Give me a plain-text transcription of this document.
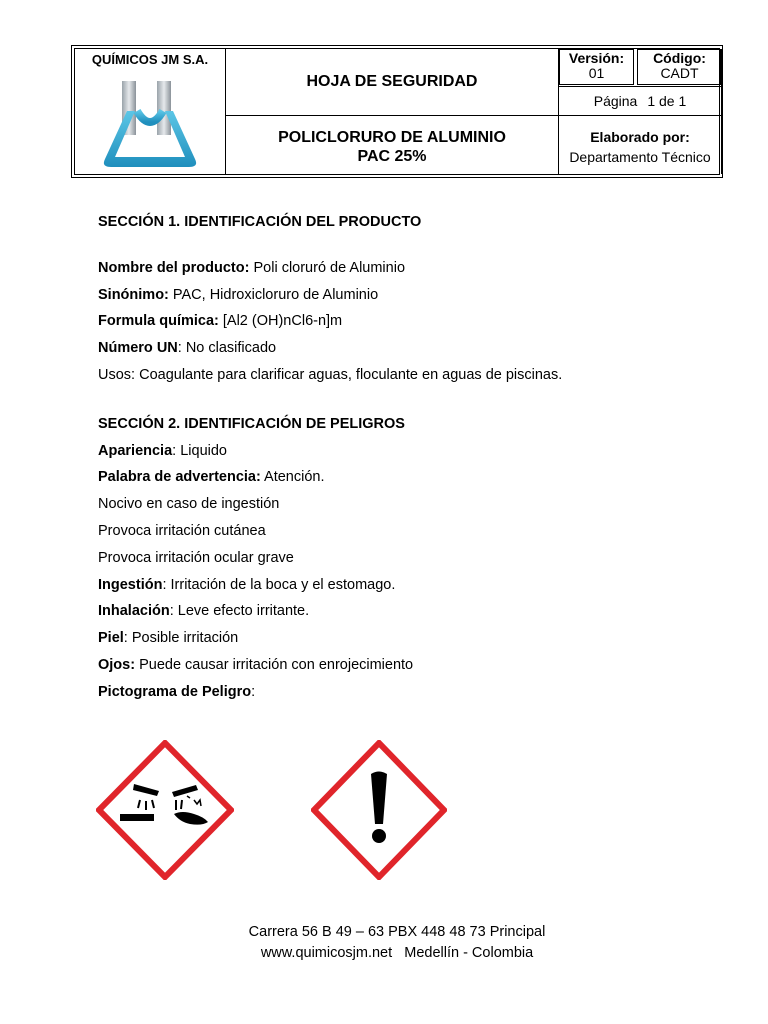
QUÍMICOS JM S.A.
HOJA DE SEGURIDAD
POLICLORURO DE ALUMINIO
PAC 25%
Versión:
01
Código:
CADT
Página 1 de 1
Elaborado por:
Departamento Técnico
SECCIÓN 1. IDENTIFICACIÓN DEL PRODUCTO
Nombre del producto: Poli cloruró de Aluminio
Sinónimo: PAC, Hidroxicloruro de Aluminio
Formula química: [Al2 (OH)nCl6-n]m
Número UN: No clasificado
Usos: Coagulante para clarificar aguas, floculante en aguas de piscinas.
SECCIÓN 2. IDENTIFICACIÓN DE PELIGROS
Apariencia: Liquido
Palabra de advertencia: Atención.
Nocivo en caso de ingestión
Provoca irritación cutánea
Provoca irritación ocular grave
Ingestión: Irritación de la boca y el estomago.
Inhalación: Leve efecto irritante.
Piel: Posible irritación
Ojos: Puede causar irritación con enrojecimiento
Pictograma de Peligro:
Carrera 56 B 49 – 63 PBX 448 48 73 Principal
www.quimicosjm.net   Medellín - Colombia
